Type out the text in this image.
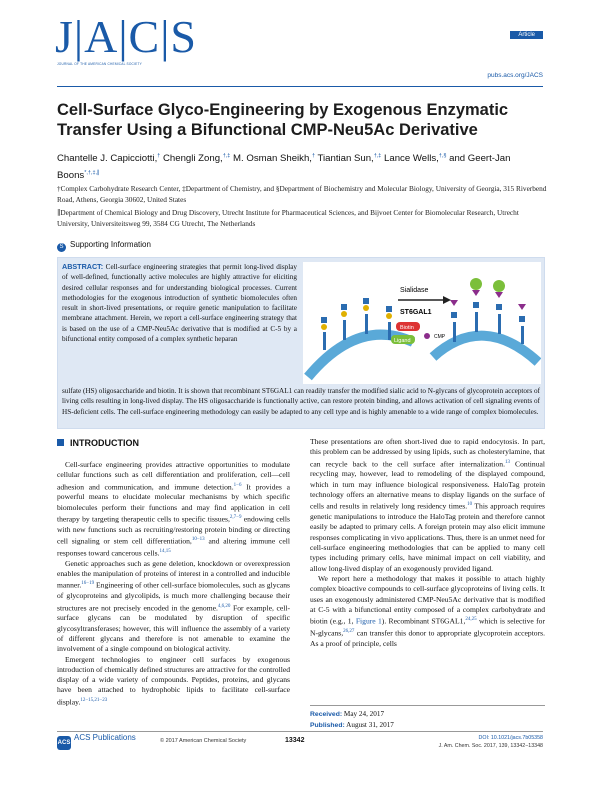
J|A|C|S
JOURNAL OF THE AMERICAN CHEMICAL SOCIETY
Article
pubs.acs.org/JACS
Cell-Surface Glyco-Engineering by Exogenous Enzymatic Transfer Using a Bifunctional CMP-Neu5Ac Derivative
Chantelle J. Capicciotti,† Chengli Zong,†,‡ M. Osman Sheikh,† Tiantian Sun,†,‡ Lance Wells,†,§ and Geert-Jan Boons*,†,‡,∥
†Complex Carbohydrate Research Center, ‡Department of Chemistry, and §Department of Biochemistry and Molecular Biology, University of Georgia, 315 Riverbend Road, Athens, Georgia 30602, United States
∥Department of Chemical Biology and Drug Discovery, Utrecht Institute for Pharmaceutical Sciences, and Bijvoet Center for Biomolecular Research, Utrecht University, Universiteitsweg 99, 3584 CG Utrecht, The Netherlands
S Supporting Information
ABSTRACT: Cell-surface engineering strategies that permit long-lived display of well-defined, functionally active molecules are highly attractive for eliciting desired cellular responses and for understanding biological processes. Current methodologies for the exogenous introduction of synthetic biomolecules often result in short-lived presentations, or require genetic manipulation to facilitate membrane attachment. Herein, we report a cell-surface engineering strategy that is based on the use of a CMP-Neu5Ac derivative that is modified at C-5 by a bifunctional entity composed of a complex synthetic heparan
Sialidase
ST6GAL1
Biotin
Ligand
CMP
sulfate (HS) oligosaccharide and biotin. It is shown that recombinant ST6GAL1 can readily transfer the modified sialic acid to N-glycans of glycoprotein acceptors of living cells resulting in long-lived display. The HS oligosaccharide is functionally active, can restore protein binding, and allows activation of cell signaling events of HS-deficient cells. The cell-surface engineering methodology can easily be adapted to any cell type and is highly amenable to a wide range of complex biomolecules.
INTRODUCTION

Cell-surface engineering provides attractive opportunities to modulate cellular functions such as cell differentiation and proliferation, cell—cell adhesion and communication, and immune detection.$^{1-6}$ It provides a powerful means to elucidate molecular mechanisms by which specific biomolecules perform their functions and may find application in cell therapy by targeting therapeutic cells to specific tissues,$^{2,7-9}$ endowing cells with new functions such as recruiting/restoring protein binding or directing cell signaling or stem cell differentiation,$^{10-13}$ and altering immune cell responses toward cancerous cells.$^{14,15}$

Genetic approaches such as gene deletion, knockdown or overexpression enables the manipulation of proteins of interest in a controlled and inducible manner.$^{16-19}$ Engineering of other cell-surface biomolecules, such as glycans of glycoproteins and glycolipids, is much more challenging because their structures are not precisely encoded in the genome.$^{4,6,20}$ For example, cell-surface glycans can be modulated by disruption of specific glycosyltransferases; however, this will influence the assembly of a variety of different glycans and therefore is not amenable to examine the involvement of a single compound on biological activity.

Emergent technologies to engineer cell surfaces by exogenous introduction of chemically defined structures are attractive for the controlled display of a wide variety of compounds. Peptides, proteins, and glycans have been attached to hydrophobic lipids to facilitate cell-surface display.$^{12-15,21-23}$

These presentations are often short-lived due to rapid endocytosis. In part, this problem can be addressed by using lipids, such as cholesterylamine, that can recycle back to the cell surface after internalization.$^{13}$ Continual recycling may, however, lead to remodeling of the displayed compound, which in turn may influence biological responsiveness. HaloTag protein technology offers an alternative means to display ligands on the surface of cells and results in relatively long residency times.$^{10}$ This approach requires genetic manipulations to introduce the HaloTag protein and therefore cannot easily be adapted to primary cells. A foreign protein may also elicit immune responses complicating in vivo applications. Thus, there is an unmet need for cell-surface engineering methodologies that can be applied to many cell types including primary cells, have minimal impact on cell viability, and allow long-lived display of an exogenously provided ligand.

We report here a methodology that makes it possible to attach highly complex bioactive compounds to cell-surface glycoproteins of living cells. It uses an exogenously administered CMP-Neu5Ac derivative that is modified at C-5 with a bifunctional entity composed of a complex carbohydrate and biotin (e.g., 1, Figure 1). Recombinant ST6GAL1,$^{24,25}$ which is selective for N-glycans,$^{26,27}$ can transfer this donor to appropriate glycoprotein acceptors. As a proof of principle, cells

Received: May 24, 2017
Published: August 31, 2017
ACSACS Publications	© 2017 American Chemical Society	13342	DOI: 10.1021/jacs.7b05358
J. Am. Chem. Soc. 2017, 139, 13342−13348
